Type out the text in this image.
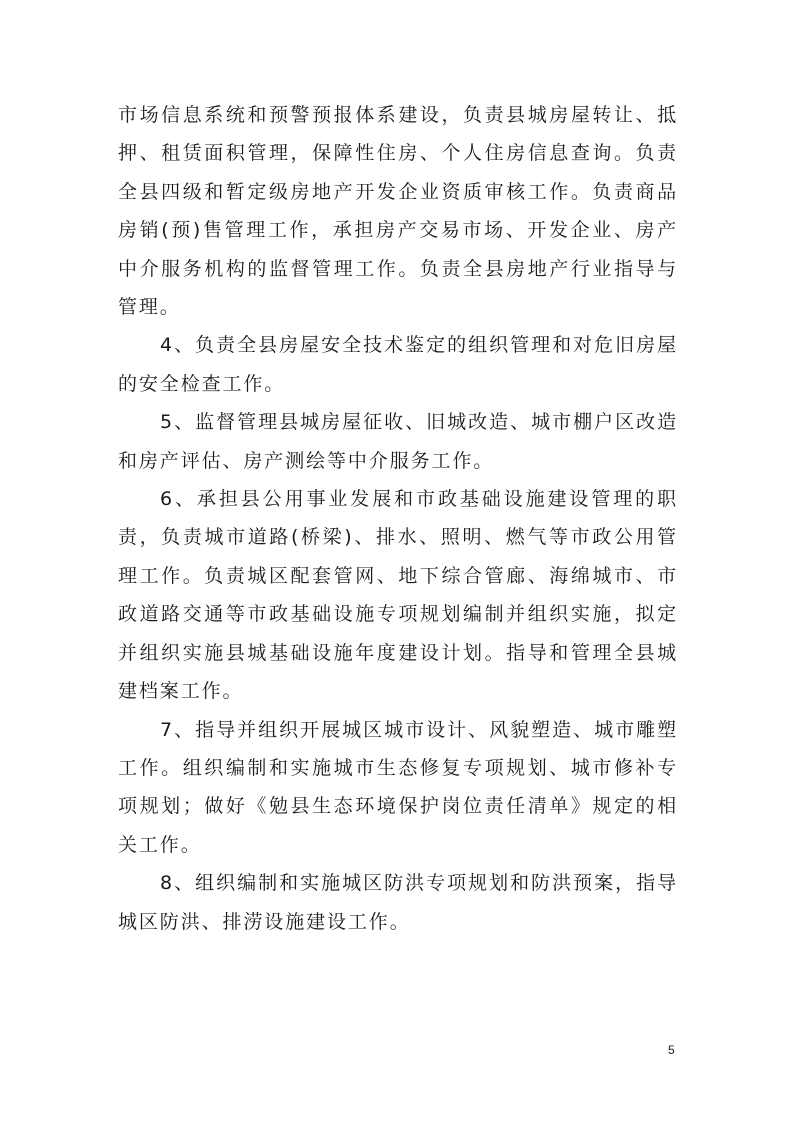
市场信息系统和预警预报体系建设，负责县城房屋转让、抵押、租赁面积管理，保障性住房、个人住房信息查询。负责全县四级和暂定级房地产开发企业资质审核工作。负责商品房销(预)售管理工作，承担房产交易市场、开发企业、房产中介服务机构的监督管理工作。负责全县房地产行业指导与管理。

4、负责全县房屋安全技术鉴定的组织管理和对危旧房屋的安全检查工作。

5、监督管理县城房屋征收、旧城改造、城市棚户区改造和房产评估、房产测绘等中介服务工作。

6、承担县公用事业发展和市政基础设施建设管理的职责，负责城市道路(桥梁)、排水、照明、燃气等市政公用管理工作。负责城区配套管网、地下综合管廊、海绵城市、市政道路交通等市政基础设施专项规划编制并组织实施，拟定并组织实施县城基础设施年度建设计划。指导和管理全县城建档案工作。

7、指导并组织开展城区城市设计、风貌塑造、城市雕塑工作。组织编制和实施城市生态修复专项规划、城市修补专项规划；做好《勉县生态环境保护岗位责任清单》规定的相关工作。

8、组织编制和实施城区防洪专项规划和防洪预案，指导城区防洪、排涝设施建设工作。

5
